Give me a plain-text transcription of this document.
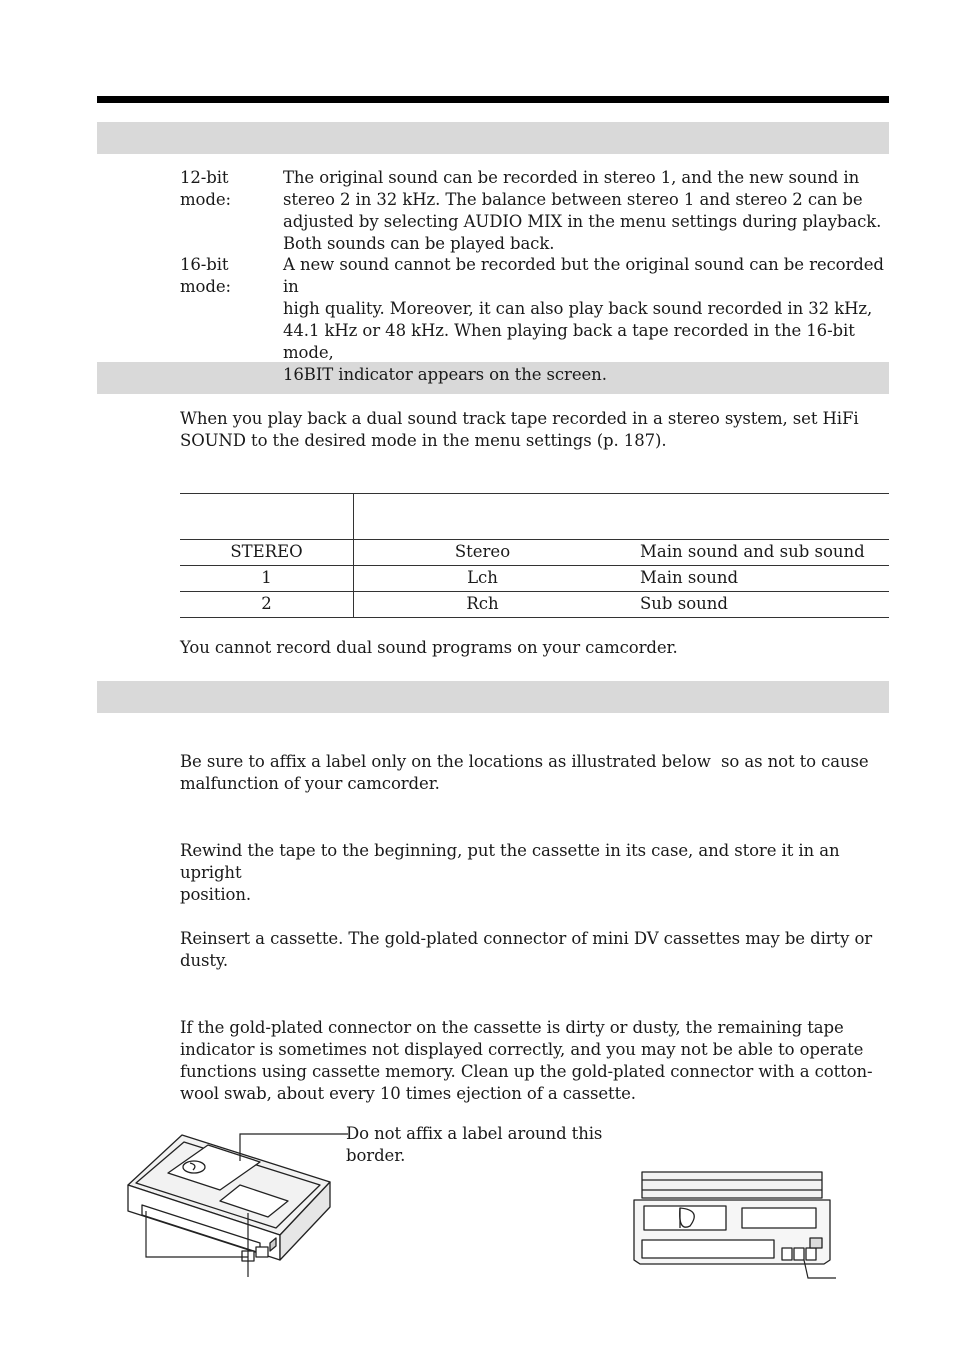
12-bit mode:
The original sound can be recorded in stereo 1, and the new sound in
stereo 2 in 32 kHz. The balance between stereo 1 and stereo 2 can be
adjusted by selecting AUDIO MIX in the menu settings during playback.
Both sounds can be played back.
16-bit mode:
A new sound cannot be recorded but the original sound can be recorded in
high quality. Moreover, it can also play back sound recorded in 32 kHz,
44.1 kHz or 48 kHz. When playing back a tape recorded in the 16-bit mode,
16BIT indicator appears on the screen.
When you play back a dual sound track tape recorded in a stereo system, set HiFi
SOUND to the desired mode in the menu settings (p. 187).
STEREO	Stereo	Main sound and sub sound
1	Lch	Main sound
2	Rch	Sub sound
You cannot record dual sound programs on your camcorder.
Be sure to affix a label only on the locations as illustrated below so as not to cause
malfunction of your camcorder.
Rewind the tape to the beginning, put the cassette in its case, and store it in an upright
position.
Reinsert a cassette. The gold-plated connector of mini DV cassettes may be dirty or
dusty.
If the gold-plated connector on the cassette is dirty or dusty, the remaining tape
indicator is sometimes not displayed correctly, and you may not be able to operate
functions using cassette memory. Clean up the gold-plated connector with a cotton-
wool swab, about every 10 times ejection of a cassette.
Do not affix a label around this
border.
